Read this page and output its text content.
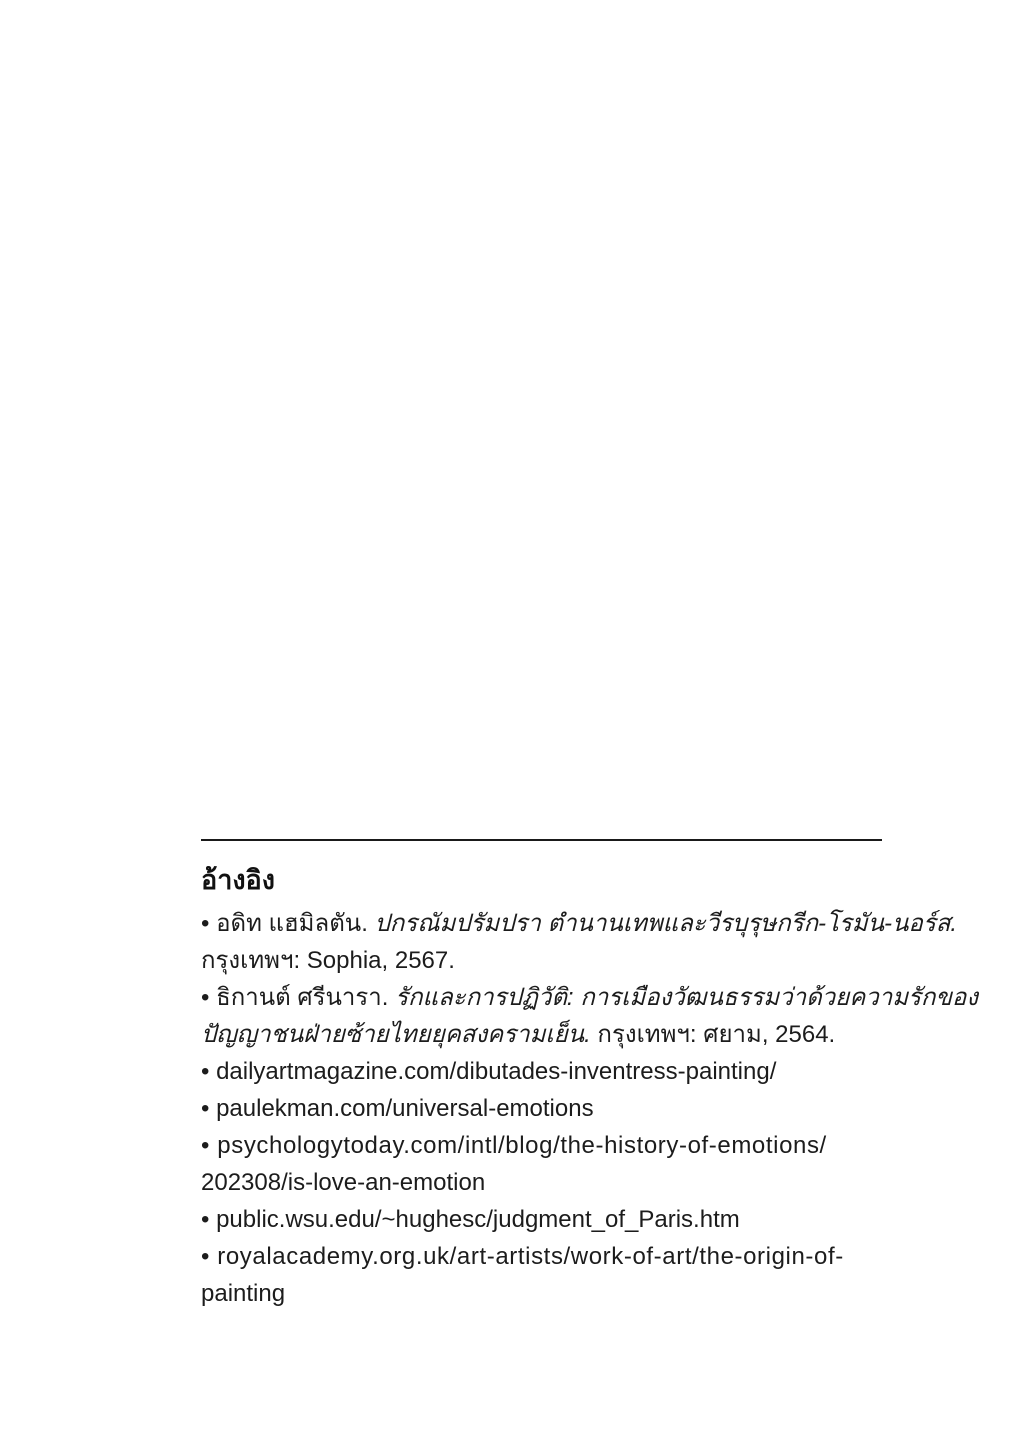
อ้างอิง
• อดิท แฮมิลตัน. ปกรณัมปรัมปรา ตำนานเทพและวีรบุรุษกรีก-โรมัน-นอร์ส.
กรุงเทพฯ: Sophia, 2567.
• ธิกานต์ ศรีนารา. รักและการปฏิวัติ: การเมืองวัฒนธรรมว่าด้วยความรักของ
ปัญญาชนฝ่ายซ้ายไทยยุคสงครามเย็น. กรุงเทพฯ: ศยาม, 2564.
• dailyartmagazine.com/dibutades-inventress-painting/
• paulekman.com/universal-emotions
• psychologytoday.com/intl/blog/the-history-of-emotions/
202308/is-love-an-emotion
• public.wsu.edu/~hughesc/judgment_of_Paris.htm
• royalacademy.org.uk/art-artists/work-of-art/the-origin-of-
painting
